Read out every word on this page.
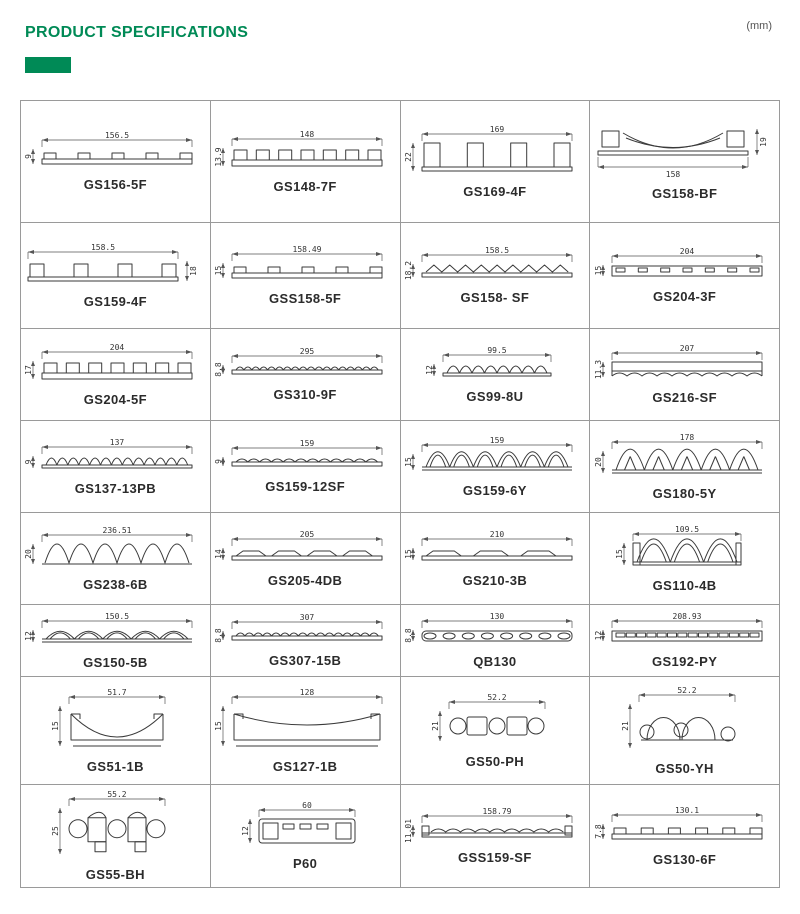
PRODUCT SPECIFICATIONS	(mm)
156.5
9
GS156-5F
148
13.9
GS148-7F
169
22
GS169-4F
158
19
GS158-BF
158.5
18
GS159-4F
158.49
15
GSS158-5F
158.5
18.2
GS158- SF
204
15
GS204-3F
204
17
GS204-5F
295
8.8
GS310-9F
99.5
12
GS99-8U
207
11.3
GS216-SF
137
9
GS137-13PB
159
9
GS159-12SF
159
15
GS159-6Y
178
20
GS180-5Y
236.51
20
GS238-6B
205
14
GS205-4DB
210
15
GS210-3B
109.5
15
GS110-4B
150.5
12
GS150-5B
307
8.8
GS307-15B
130
8.8
QB130
208.93
12
GS192-PY
51.7
15
GS51-1B
128
15
GS127-1B
52.2
21
GS50-PH
52.2
21
GS50-YH
55.2
25
GS55-BH
60
12
P60
158.79
11.01
GSS159-SF
130.1
7.8
GS130-6F
